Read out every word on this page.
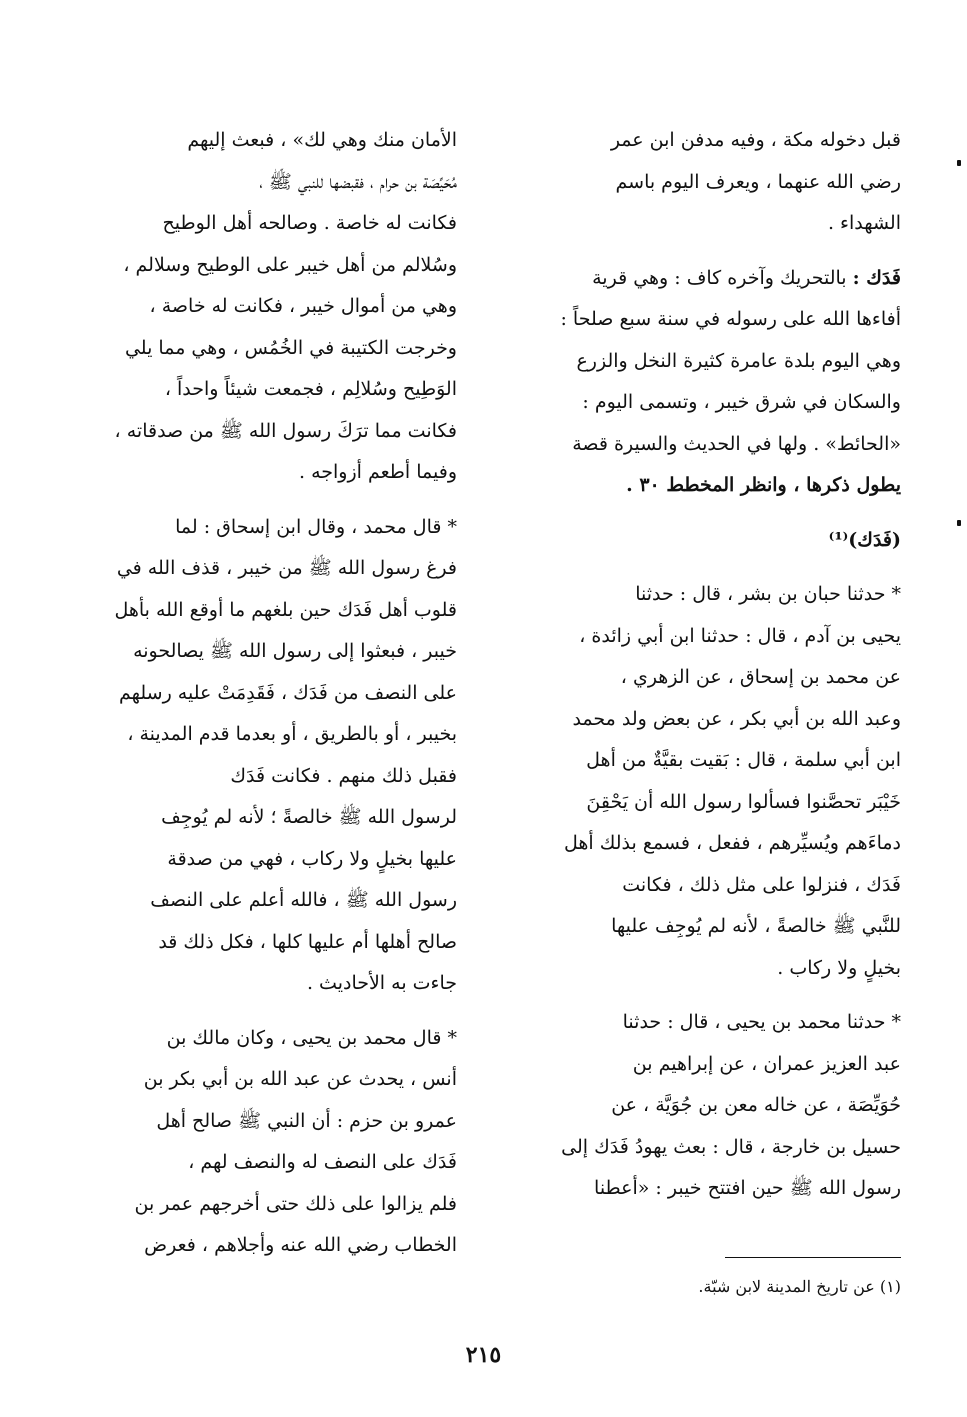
قبل دخوله مكة ، وفيه مدفن ابن عمر
رضي الله عنهما ، ويعرف اليوم باسم
الشهداء .
فَدَك : بالتحريك وآخره كاف : وهي قرية
أفاءها الله على رسوله في سنة سبع صلحاً :
وهي اليوم بلدة عامرة كثيرة النخل والزرع
والسكان في شرق خيبر ، وتسمى اليوم :
«الحائط» . ولها في الحديث والسيرة قصة
يطول ذكرها ، وانظر المخطط ٣٠ .
(فَدَك)⁽¹⁾
* حدثنا حبان بن بشر ، قال : حدثنا
يحيى بن آدم ، قال : حدثنا ابن أبي زائدة ،
عن محمد بن إسحاق ، عن الزهري ،
وعبد الله بن أبي بكر ، عن بعض ولد محمد
ابن أبي سلمة ، قال : بَقيت بقيَّةٌ من أهل
خَيْبَر تحصَّنوا فسألوا رسول الله أن يَحْقِنَ
دماءَهم ويُسيِّرهم ، ففعل ، فسمع بذلك أهل
فَدَك ، فنزلوا على مثل ذلك ، فكانت
للنَّبي ﷺ خالصةً ، لأنه لم يُوجِف عليها
بخيلٍ ولا ركاب .
* حدثنا محمد بن يحيى ، قال : حدثنا
عبد العزيز عمران ، عن إبراهيم بن
حُوَيِّصَة ، عن خاله معن بن جُوَيَّة ، عن
حسيل بن خارجة ، قال : بعث يهودُ فَدَك إلى
رسول الله ﷺ حين افتتح خيبر : «أعطنا
الأمان منك وهي لك» ، فبعث إليهم
مُحَيِّصَة بن حرام ، فقبضها للنبي ﷺ ،
فكانت له خاصة . وصالحه أهل الوطيح
وسُلالم من أهل خيبر على الوطيح وسلالم ،
وهي من أموال خيبر ، فكانت له خاصة ،
وخرجت الكتيبة في الخُمُس ، وهي مما يلي
الوَطِيح وسُلالِم ، فجمعت شيئاً واحداً ،
فكانت مما ترَكَ رسول الله ﷺ من صدقاته ،
وفيما أطعم أزواجه .
* قال محمد ، وقال ابن إسحاق : لما
فرغ رسول الله ﷺ من خيبر ، قذف الله في
قلوب أهل فَدَك حين بلغهم ما أوقع الله بأهل
خيبر ، فبعثوا إلى رسول الله ﷺ يصالحونه
على النصف من فَدَك ، فَقَدِمَتْ عليه رسلهم
بخيبر ، أو بالطريق ، أو بعدما قدم المدينة ،
فقبل ذلك منهم . فكانت فَدَك
لرسول الله ﷺ خالصةً ؛ لأنه لم يُوجِف
عليها بخيلٍ ولا ركاب ، فهي من صدقة
رسول الله ﷺ ، فالله أعلم على النصف
صالح أهلها أم عليها كلها ، فكل ذلك قد
جاءت به الأحاديث .
* قال محمد بن يحيى ، وكان مالك بن
أنس ، يحدث عن عبد الله بن أبي بكر بن
عمرو بن حزم : أن النبي ﷺ صالح أهل
فَدَك على النصف له والنصف لهم ،
فلم يزالوا على ذلك حتى أخرجهم عمر بن
الخطاب رضي الله عنه وأجلاهم ، فعرض
(١) عن تاريخ المدينة لابن شبّة.
٢١٥
